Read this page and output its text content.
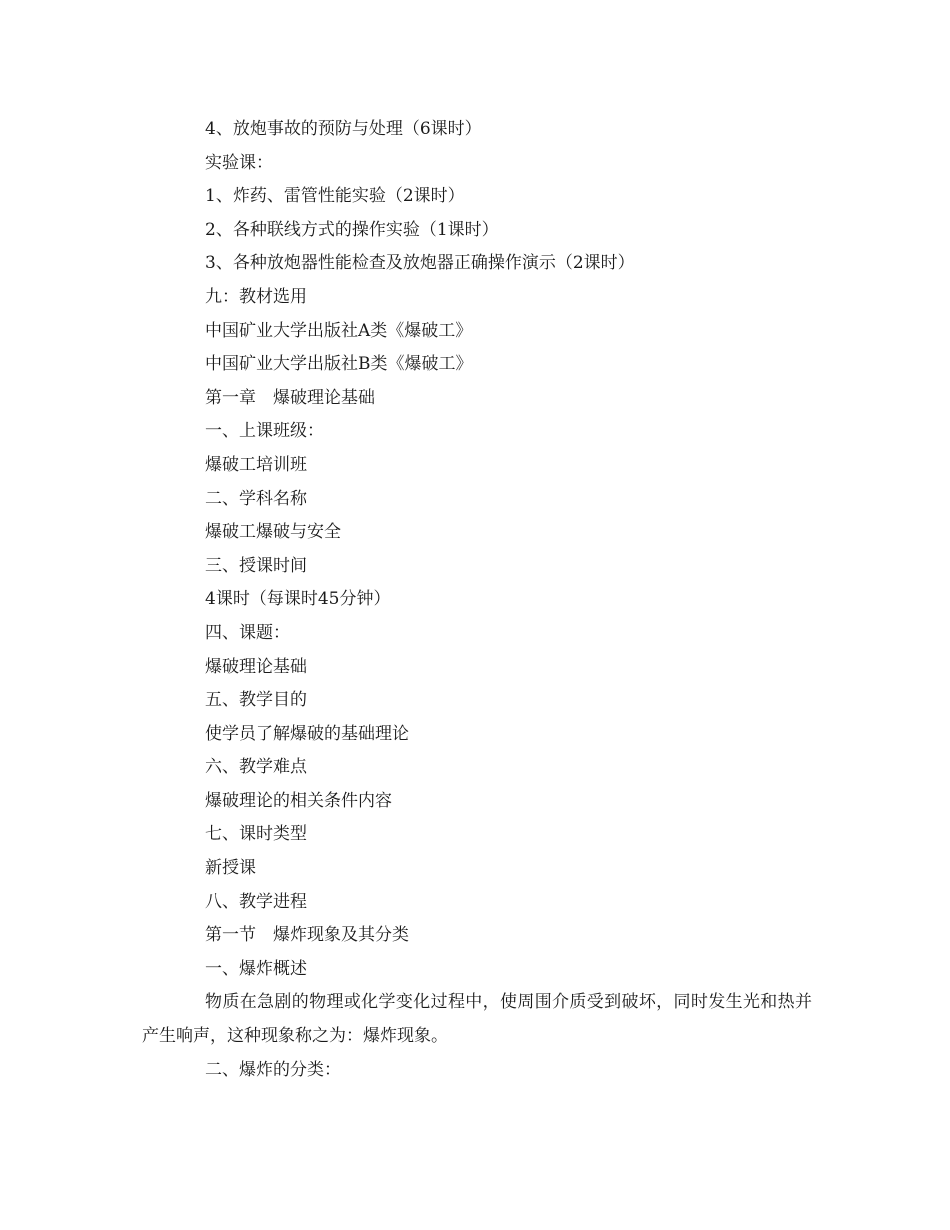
4、放炮事故的预防与处理（6课时）
实验课：
1、炸药、雷管性能实验（2课时）
2、各种联线方式的操作实验（1课时）
3、各种放炮器性能检查及放炮器正确操作演示（2课时）
九：教材选用
中国矿业大学出版社A类《爆破工》
中国矿业大学出版社B类《爆破工》
第一章　爆破理论基础
一、上课班级：
爆破工培训班
二、学科名称
爆破工爆破与安全
三、授课时间
4课时（每课时45分钟）
四、课题：
爆破理论基础
五、教学目的
使学员了解爆破的基础理论
六、教学难点
爆破理论的相关条件内容
七、课时类型
新授课
八、教学进程
第一节　爆炸现象及其分类
一、爆炸概述

物质在急剧的物理或化学变化过程中，使周围介质受到破坏，同时发生光和热并产生响声，这种现象称之为：爆炸现象。

二、爆炸的分类：
